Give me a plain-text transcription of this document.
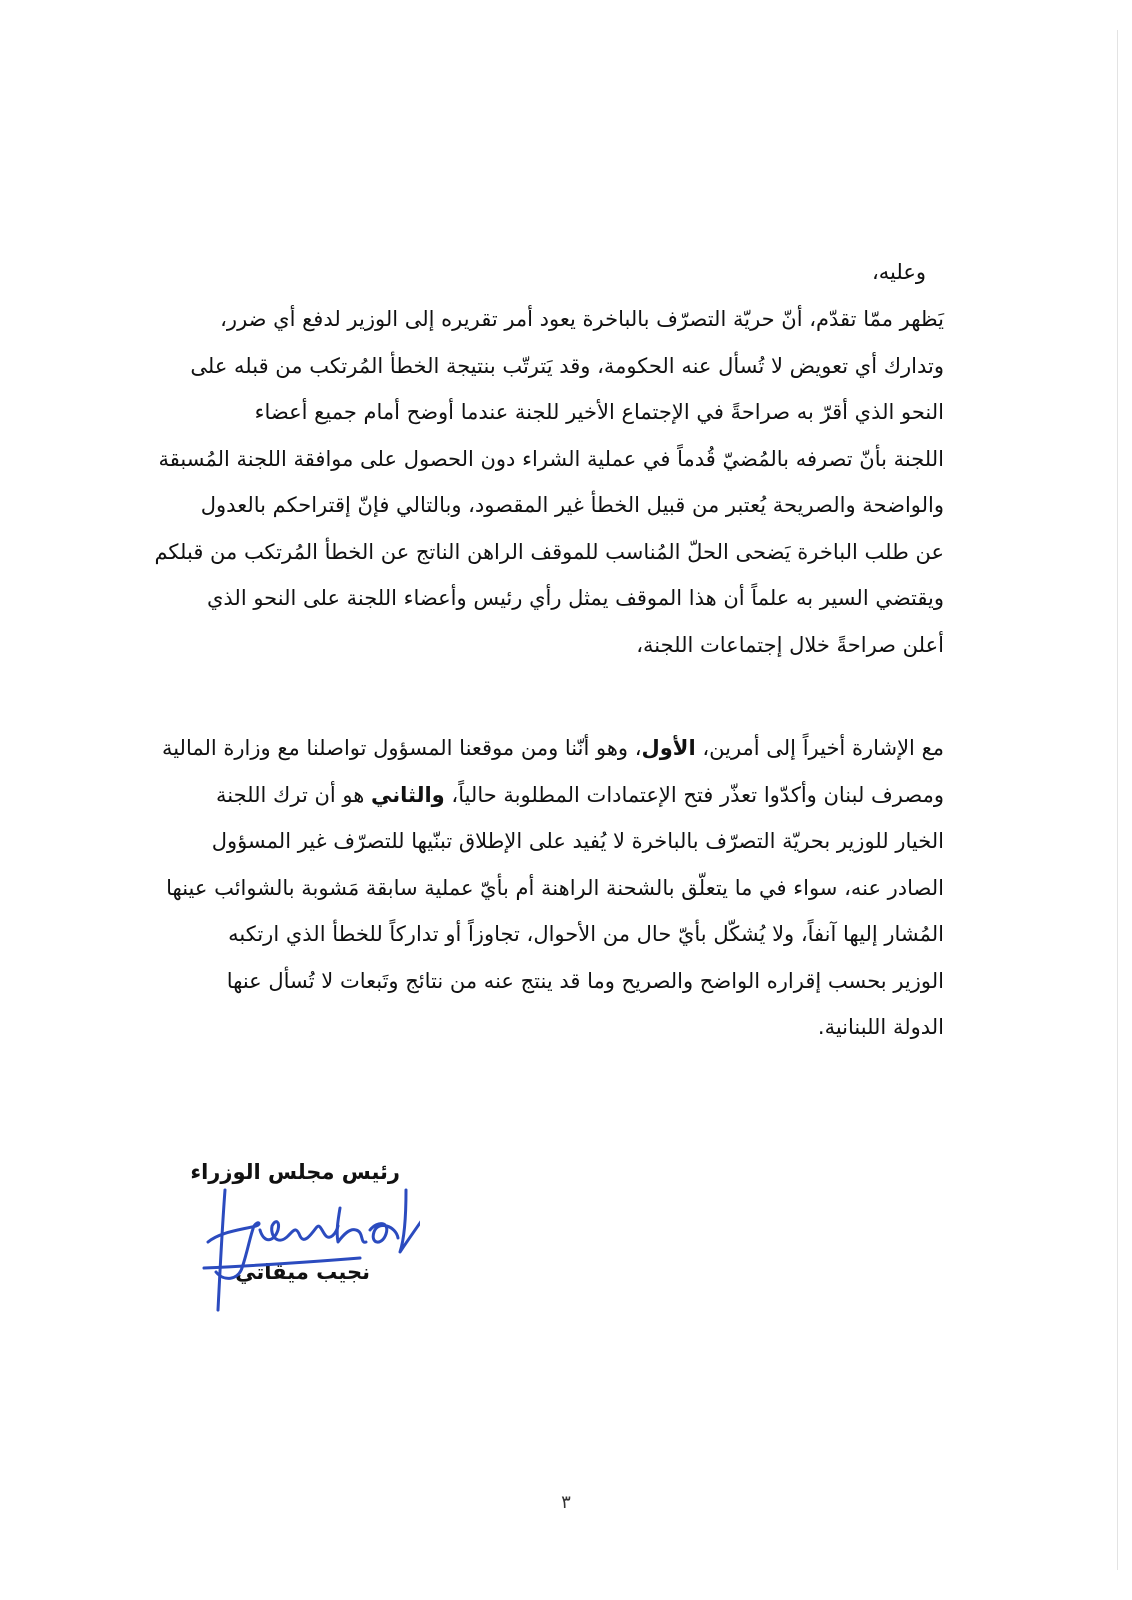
وعليه،
يَظهر ممّا تقدّم، أنّ حريّة التصرّف بالباخرة يعود أمر تقريره إلى الوزير لدفع أي ضرر،
وتدارك أي تعويض لا تُسأل عنه الحكومة، وقد يَترتّب بنتيجة الخطأ المُرتكب من قبله على
النحو الذي أقرّ به صراحةً في الإجتماع الأخير للجنة عندما أوضح أمام جميع أعضاء
اللجنة بأنّ تصرفه بالمُضيّ قُدماً في عملية الشراء دون الحصول على موافقة اللجنة المُسبقة
والواضحة والصريحة يُعتبر من قبيل الخطأ غير المقصود، وبالتالي فإنّ إقتراحكم بالعدول
عن طلب الباخرة يَضحى الحلّ المُناسب للموقف الراهن الناتج عن الخطأ المُرتكب من قبلكم
ويقتضي السير به علماً أن هذا الموقف يمثل رأي رئيس وأعضاء اللجنة على النحو الذي
أعلن صراحةً خلال إجتماعات اللجنة،
مع الإشارة أخيراً إلى أمرين، الأول، وهو أنّنا ومن موقعنا المسؤول تواصلنا مع وزارة المالية
ومصرف لبنان وأكدّوا تعذّر فتح الإعتمادات المطلوبة حالياً، والثاني هو أن ترك اللجنة
الخيار للوزير بحريّة التصرّف بالباخرة لا يُفيد على الإطلاق تبنّيها للتصرّف غير المسؤول
الصادر عنه، سواء في ما يتعلّق بالشحنة الراهنة أم بأيّ عملية سابقة مَشوبة بالشوائب عينها
المُشار إليها آنفاً، ولا يُشكّل بأيّ حال من الأحوال، تجاوزاً أو تداركاً للخطأ الذي ارتكبه
الوزير بحسب إقراره الواضح والصريح وما قد ينتج عنه من نتائج وتَبعات لا تُسأل عنها
الدولة اللبنانية.
رئيس مجلس الوزراء
نجيب ميقاتي
٣
